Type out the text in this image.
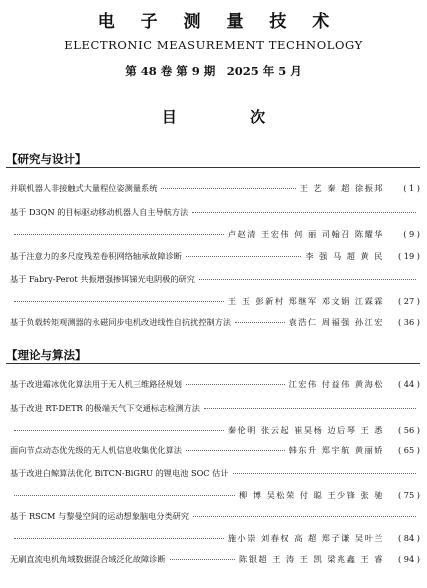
电 子 测 量 技 术
ELECTRONIC MEASUREMENT TECHNOLOGY
第 48 卷 第 9 期　2025 年 5 月
目 次
【研究与设计】
并联机器人非接触式大量程位姿测量系统	王 艺 秦 超 徐振邦	( 1 )
基于 D3QN 的目标驱动移动机器人自主导航方法
卢赵清 王宏伟 何 丽 司翰召 陈耀华	( 9 )
基于注意力的多尺度残差卷积网络轴承故障诊断	李 强 马 超 黄 民	( 19 )
基于 Fabry-Perot 共振增强掺铒锑光电阴极的研究
王 玉 彭新村 郑继军 邓文娟 江霖霖	( 27 )
基于负载转矩观测器的永磁同步电机改进线性自抗扰控制方法	袁浩仁 周福强 孙江宏	( 36 )
【理论与算法】
基于改进霜冰优化算法用于无人机三维路径规划	江宏伟 付益伟 黄海松	( 44 )
基于改进 RT-DETR 的极端天气下交通标志检测方法
秦伦明 张云起 崔昊杨 边后琴 王 悉	( 56 )
面向节点动态优先级的无人机信息收集优化算法	韩东升 郑宇航 黄丽娇	( 65 )
基于改进白鲸算法优化 BiTCN-BiGRU 的锂电池 SOC 估计
柳 博 吴松荣 付 聪 王少锋 张 驰	( 75 )
基于 RSCM 与黎曼空间的运动想象脑电分类研究
施小崇 刘春权 高 超 郑子谦 吴叶兰	( 84 )
无刷直流电机角域数据混合域泛化故障诊断	陈银超 王 涛 王 凯 梁兆鑫 王 睿	( 94 )
